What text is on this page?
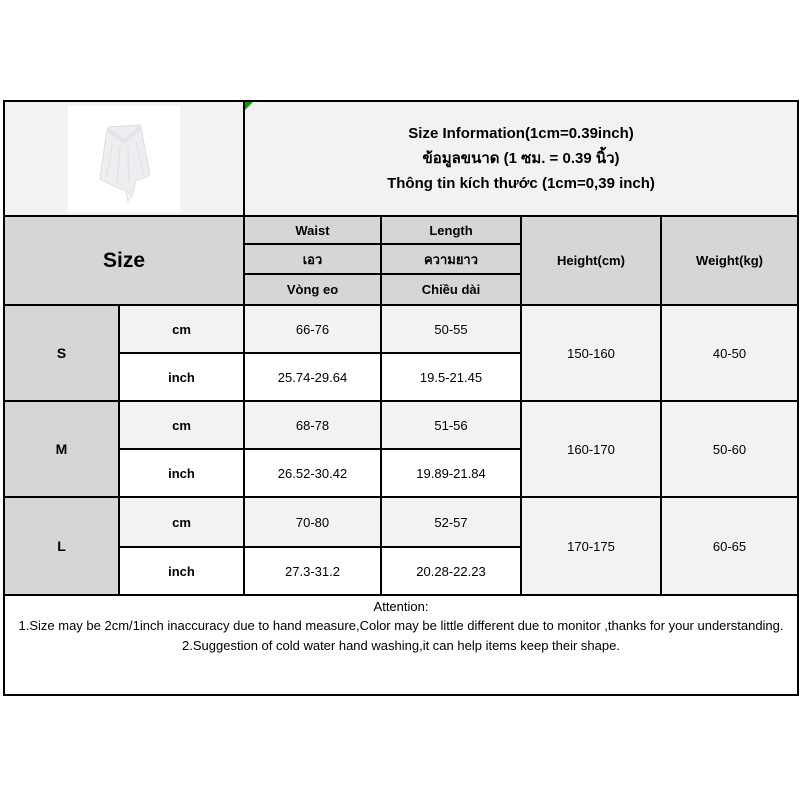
Size Information(1cm=0.39inch)
ข้อมูลขนาด (1 ซม. = 0.39 นิ้ว)
Thông tin kích thước (1cm=0,39 inch)			

Size		Waist	Length	Height(cm)	Weight(kg)
		เอว	ความยาว		
		Vòng eo	Chiều dài		
S	cm	66-76	50-55	150-160	40-50
	inch	25.74-29.64	19.5-21.45		
M	cm	68-78	51-56	160-170	50-60
	inch	26.52-30.42	19.89-21.84		
L	cm	70-80	52-57	170-175	60-65
	inch	27.3-31.2	20.28-22.23		

Attention:
1.Size may be 2cm/1inch inaccuracy due to hand measure,Color may be little different due to monitor ,thanks for your understanding.
2.Suggestion of cold water hand washing,it can help items keep their shape.					
